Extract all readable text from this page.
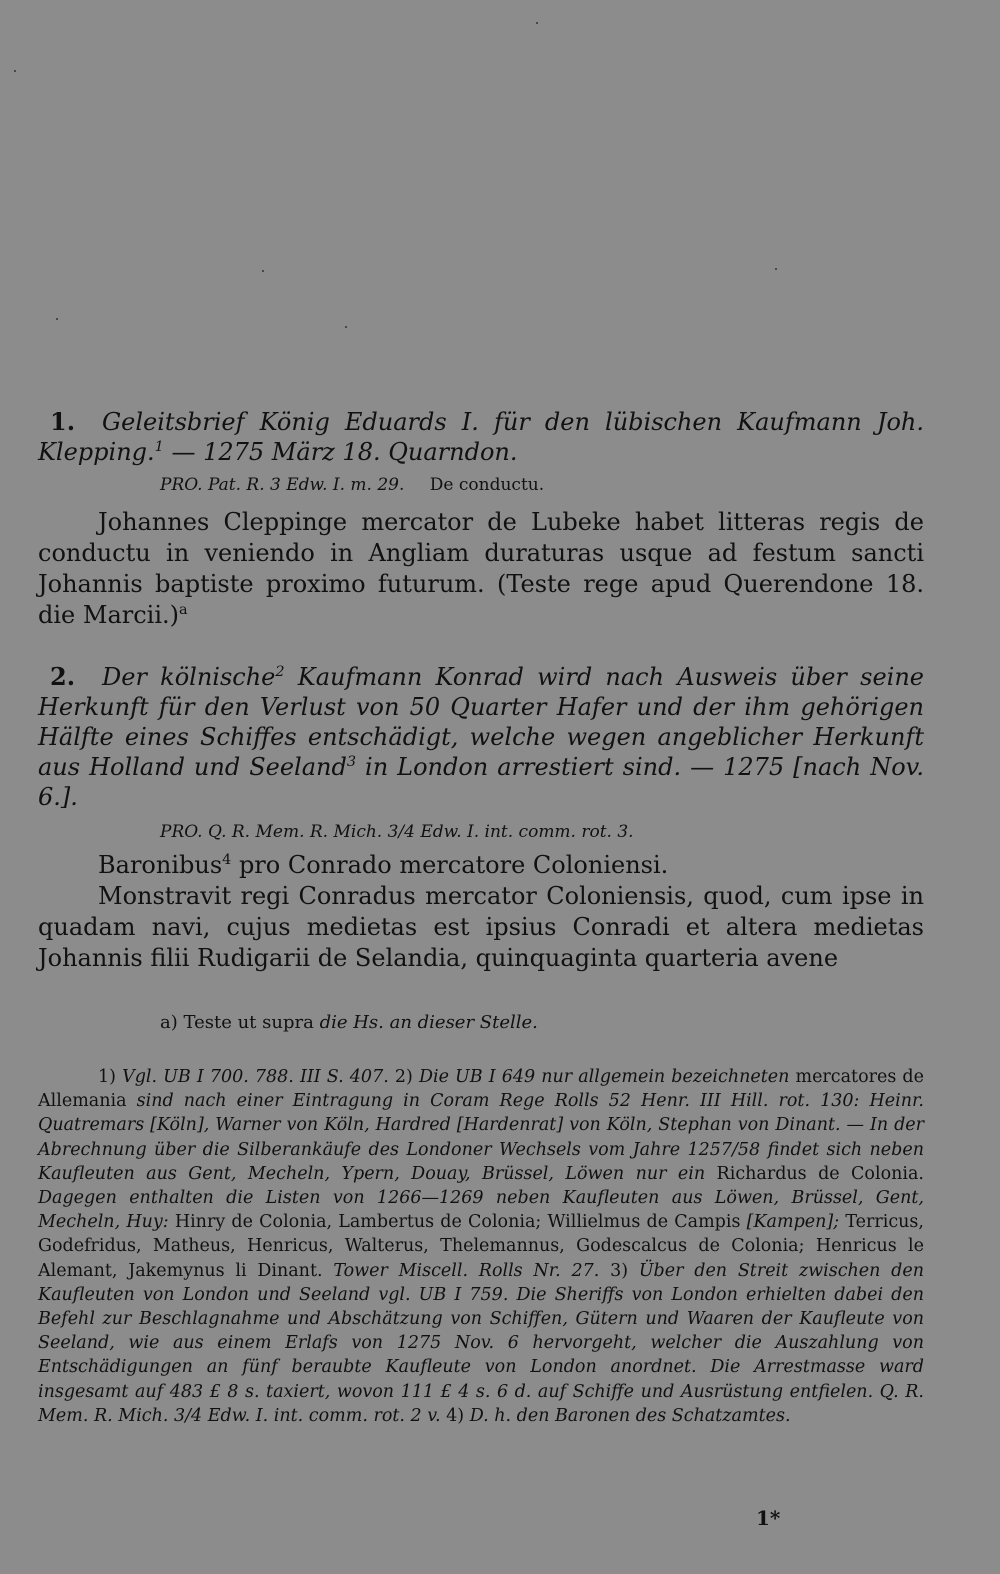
1. Geleitsbrief König Eduards I. für den lübischen Kaufmann Joh. Klepping.$^1$ — 1275 März 18. Quarndon.
PRO. Pat. R. 3 Edw. I. m. 29. De conductu.
Johannes Cleppinge mercator de Lubeke habet litteras regis de conductu in veniendo in Angliam duraturas usque ad festum sancti Johannis baptiste proximo futurum. (Teste rege apud Querendone 18. die Marcii.)$^a$
2. Der kölnische$^2$ Kaufmann Konrad wird nach Ausweis über seine Herkunft für den Verlust von 50 Quarter Hafer und der ihm gehörigen Hälfte eines Schiffes entschädigt, welche wegen angeblicher Herkunft aus Holland und Seeland$^3$ in London arrestiert sind. — 1275 [nach Nov. 6.].
PRO. Q. R. Mem. R. Mich. 3/4 Edw. I. int. comm. rot. 3.
Baronibus$^4$ pro Conrado mercatore Coloniensi.
Monstravit regi Conradus mercator Coloniensis, quod, cum ipse in quadam navi, cujus medietas est ipsius Conradi et altera medietas Johannis filii Rudigarii de Selandia, quinquaginta quarteria avene
a) Teste ut supra die Hs. an dieser Stelle.
1) Vgl. UB I 700. 788. III S. 407. 2) Die UB I 649 nur allgemein bezeichneten mercatores de Allemania sind nach einer Eintragung in Coram Rege Rolls 52 Henr. III Hill. rot. 130: Heinr. Quatremars [Köln], Warner von Köln, Hardred [Hardenrat] von Köln, Stephan von Dinant. — In der Abrechnung über die Silberankäufe des Londoner Wechsels vom Jahre 1257/58 findet sich neben Kaufleuten aus Gent, Mecheln, Ypern, Douay, Brüssel, Löwen nur ein Richardus de Colonia. Dagegen enthalten die Listen von 1266—1269 neben Kaufleuten aus Löwen, Brüssel, Gent, Mecheln, Huy: Hinry de Colonia, Lambertus de Colonia; Willielmus de Campis [Kampen]; Terricus, Godefridus, Matheus, Henricus, Walterus, Thelemannus, Godescalcus de Colonia; Henricus le Alemant, Jakemynus li Dinant. Tower Miscell. Rolls Nr. 27. 3) Über den Streit zwischen den Kaufleuten von London und Seeland vgl. UB I 759. Die Sheriffs von London erhielten dabei den Befehl zur Beschlagnahme und Abschätzung von Schiffen, Gütern und Waaren der Kaufleute von Seeland, wie aus einem Erlafs von 1275 Nov. 6 hervorgeht, welcher die Auszahlung von Entschädigungen an fünf beraubte Kaufleute von London anordnet. Die Arrestmasse ward insgesamt auf 483 £ 8 s. taxiert, wovon 111 £ 4 s. 6 d. auf Schiffe und Ausrüstung entfielen. Q. R. Mem. R. Mich. 3/4 Edw. I. int. comm. rot. 2 v. 4) D. h. den Baronen des Schatzamtes.
1*
